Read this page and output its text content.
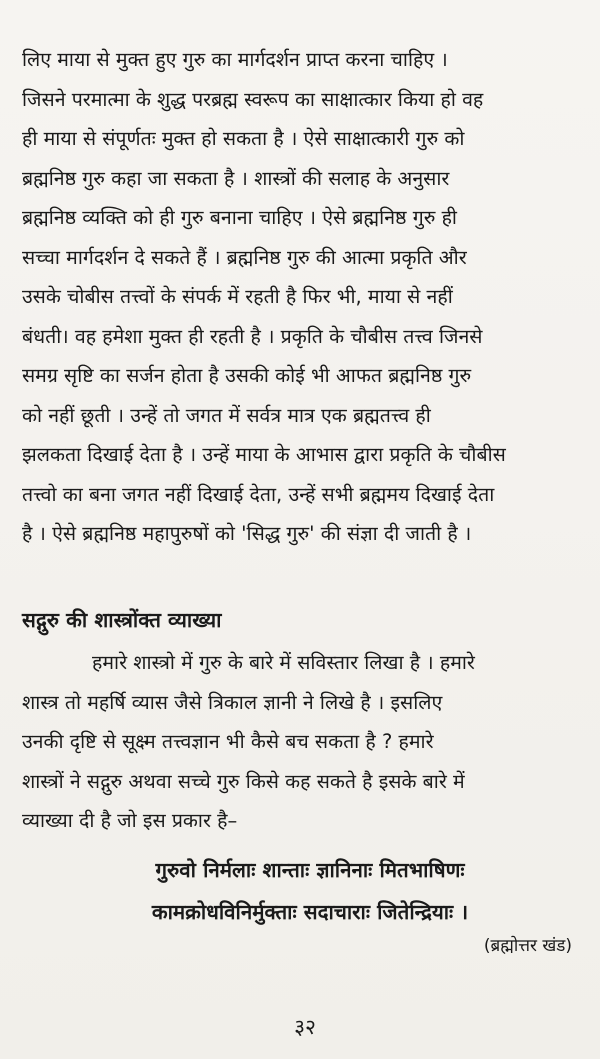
लिए माया से मुक्त हुए गुरु का मार्गदर्शन प्राप्त करना चाहिए ।
जिसने परमात्मा के शुद्ध परब्रह्म स्वरूप का साक्षात्कार किया हो वह
ही माया से संपूर्णतः मुक्त हो सकता है । ऐसे साक्षात्कारी गुरु को
ब्रह्मनिष्ठ गुरु कहा जा सकता है । शास्त्रों की सलाह के अनुसार
ब्रह्मनिष्ठ व्यक्ति को ही गुरु बनाना चाहिए । ऐसे ब्रह्मनिष्ठ गुरु ही
सच्चा मार्गदर्शन दे सकते हैं । ब्रह्मनिष्ठ गुरु की आत्मा प्रकृति और
उसके चोबीस तत्त्वों के संपर्क में रहती है फिर भी, माया से नहीं
बंधती। वह हमेशा मुक्त ही रहती है । प्रकृति के चौबीस तत्त्व जिनसे
समग्र सृष्टि का सर्जन होता है उसकी कोई भी आफत ब्रह्मनिष्ठ गुरु
को नहीं छूती । उन्हें तो जगत में सर्वत्र मात्र एक ब्रह्मतत्त्व ही
झलकता दिखाई देता है । उन्हें माया के आभास द्वारा प्रकृति के चौबीस
तत्त्वो का बना जगत नहीं दिखाई देता, उन्हें सभी ब्रह्ममय दिखाई देता
है । ऐसे ब्रह्मनिष्ठ महापुरुषों को 'सिद्ध गुरु' की संज्ञा दी जाती है ।
सद्गुरु की शास्त्रोंक्त व्याख्या
हमारे शास्त्रो में गुरु के बारे में सविस्तार लिखा है । हमारे
शास्त्र तो महर्षि व्यास जैसे त्रिकाल ज्ञानी ने लिखे है । इसलिए
उनकी दृष्टि से सूक्ष्म तत्त्वज्ञान भी कैसे बच सकता है ? हमारे
शास्त्रों ने सद्गुरु अथवा सच्चे गुरु किसे कह सकते है इसके बारे में
व्याख्या दी है जो इस प्रकार है–
गुरुवो निर्मलाः शान्ताः ज्ञानिनाः मितभाषिणः
कामक्रोधविनिर्मुक्ताः सदाचाराः जितेन्द्रियाः ।
(ब्रह्मोत्तर खंड)
३२
